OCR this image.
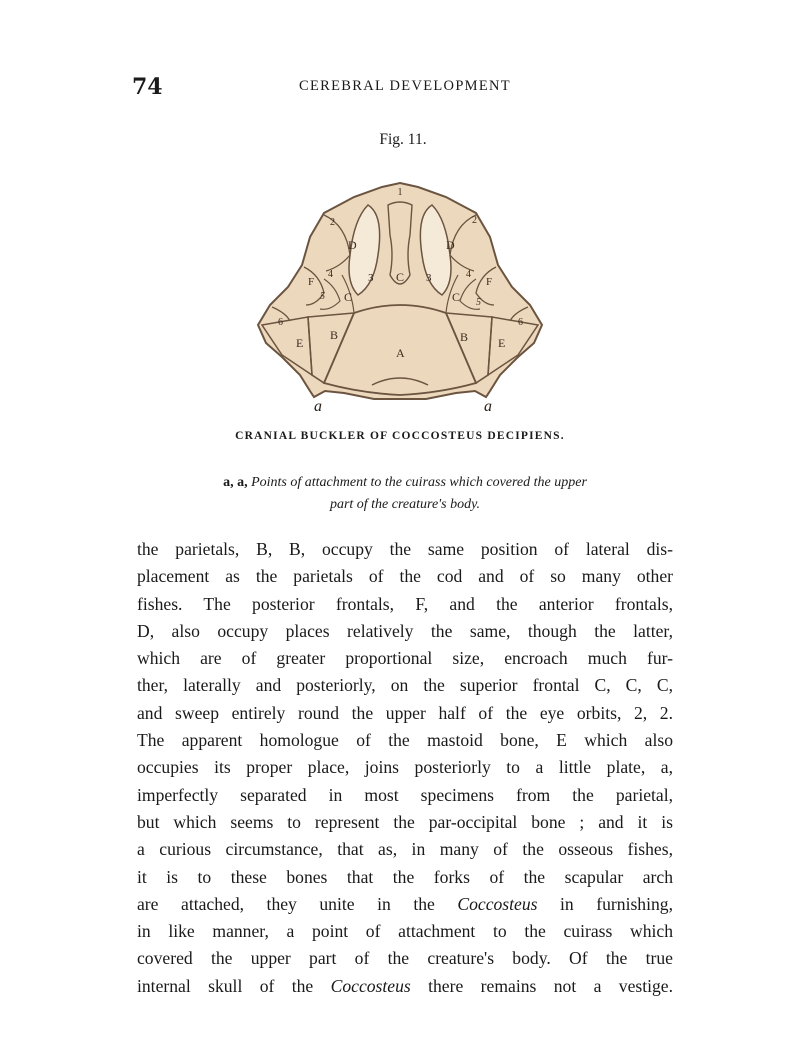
74	CEREBRAL DEVELOPMENT
Fig. 11.
1
2	2
D	D
3	3
C
C	C
4	4
F	F
5
5
6	6
B	B
E	E
A
a	a
CRANIAL BUCKLER OF COCCOSTEUS DECIPIENS.
a, a, Points of attachment to the cuirass which covered the upper
part of the creature's body.
the parietals, B, B, occupy the same position of lateral dis-
placement as the parietals of the cod and of so many other
fishes. The posterior frontals, F, and the anterior frontals,
D, also occupy places relatively the same, though the latter,
which are of greater proportional size, encroach much fur-
ther, laterally and posteriorly, on the superior frontal C, C, C,
and sweep entirely round the upper half of the eye orbits, 2, 2.
The apparent homologue of the mastoid bone, E which also
occupies its proper place, joins posteriorly to a little plate, a,
imperfectly separated in most specimens from the parietal,
but which seems to represent the par-occipital bone ; and it is
a curious circumstance, that as, in many of the osseous fishes,
it is to these bones that the forks of the scapular arch
are attached, they unite in the Coccosteus in furnishing,
in like manner, a point of attachment to the cuirass which
covered the upper part of the creature's body. Of the true
internal skull of the Coccosteus there remains not a vestige.
